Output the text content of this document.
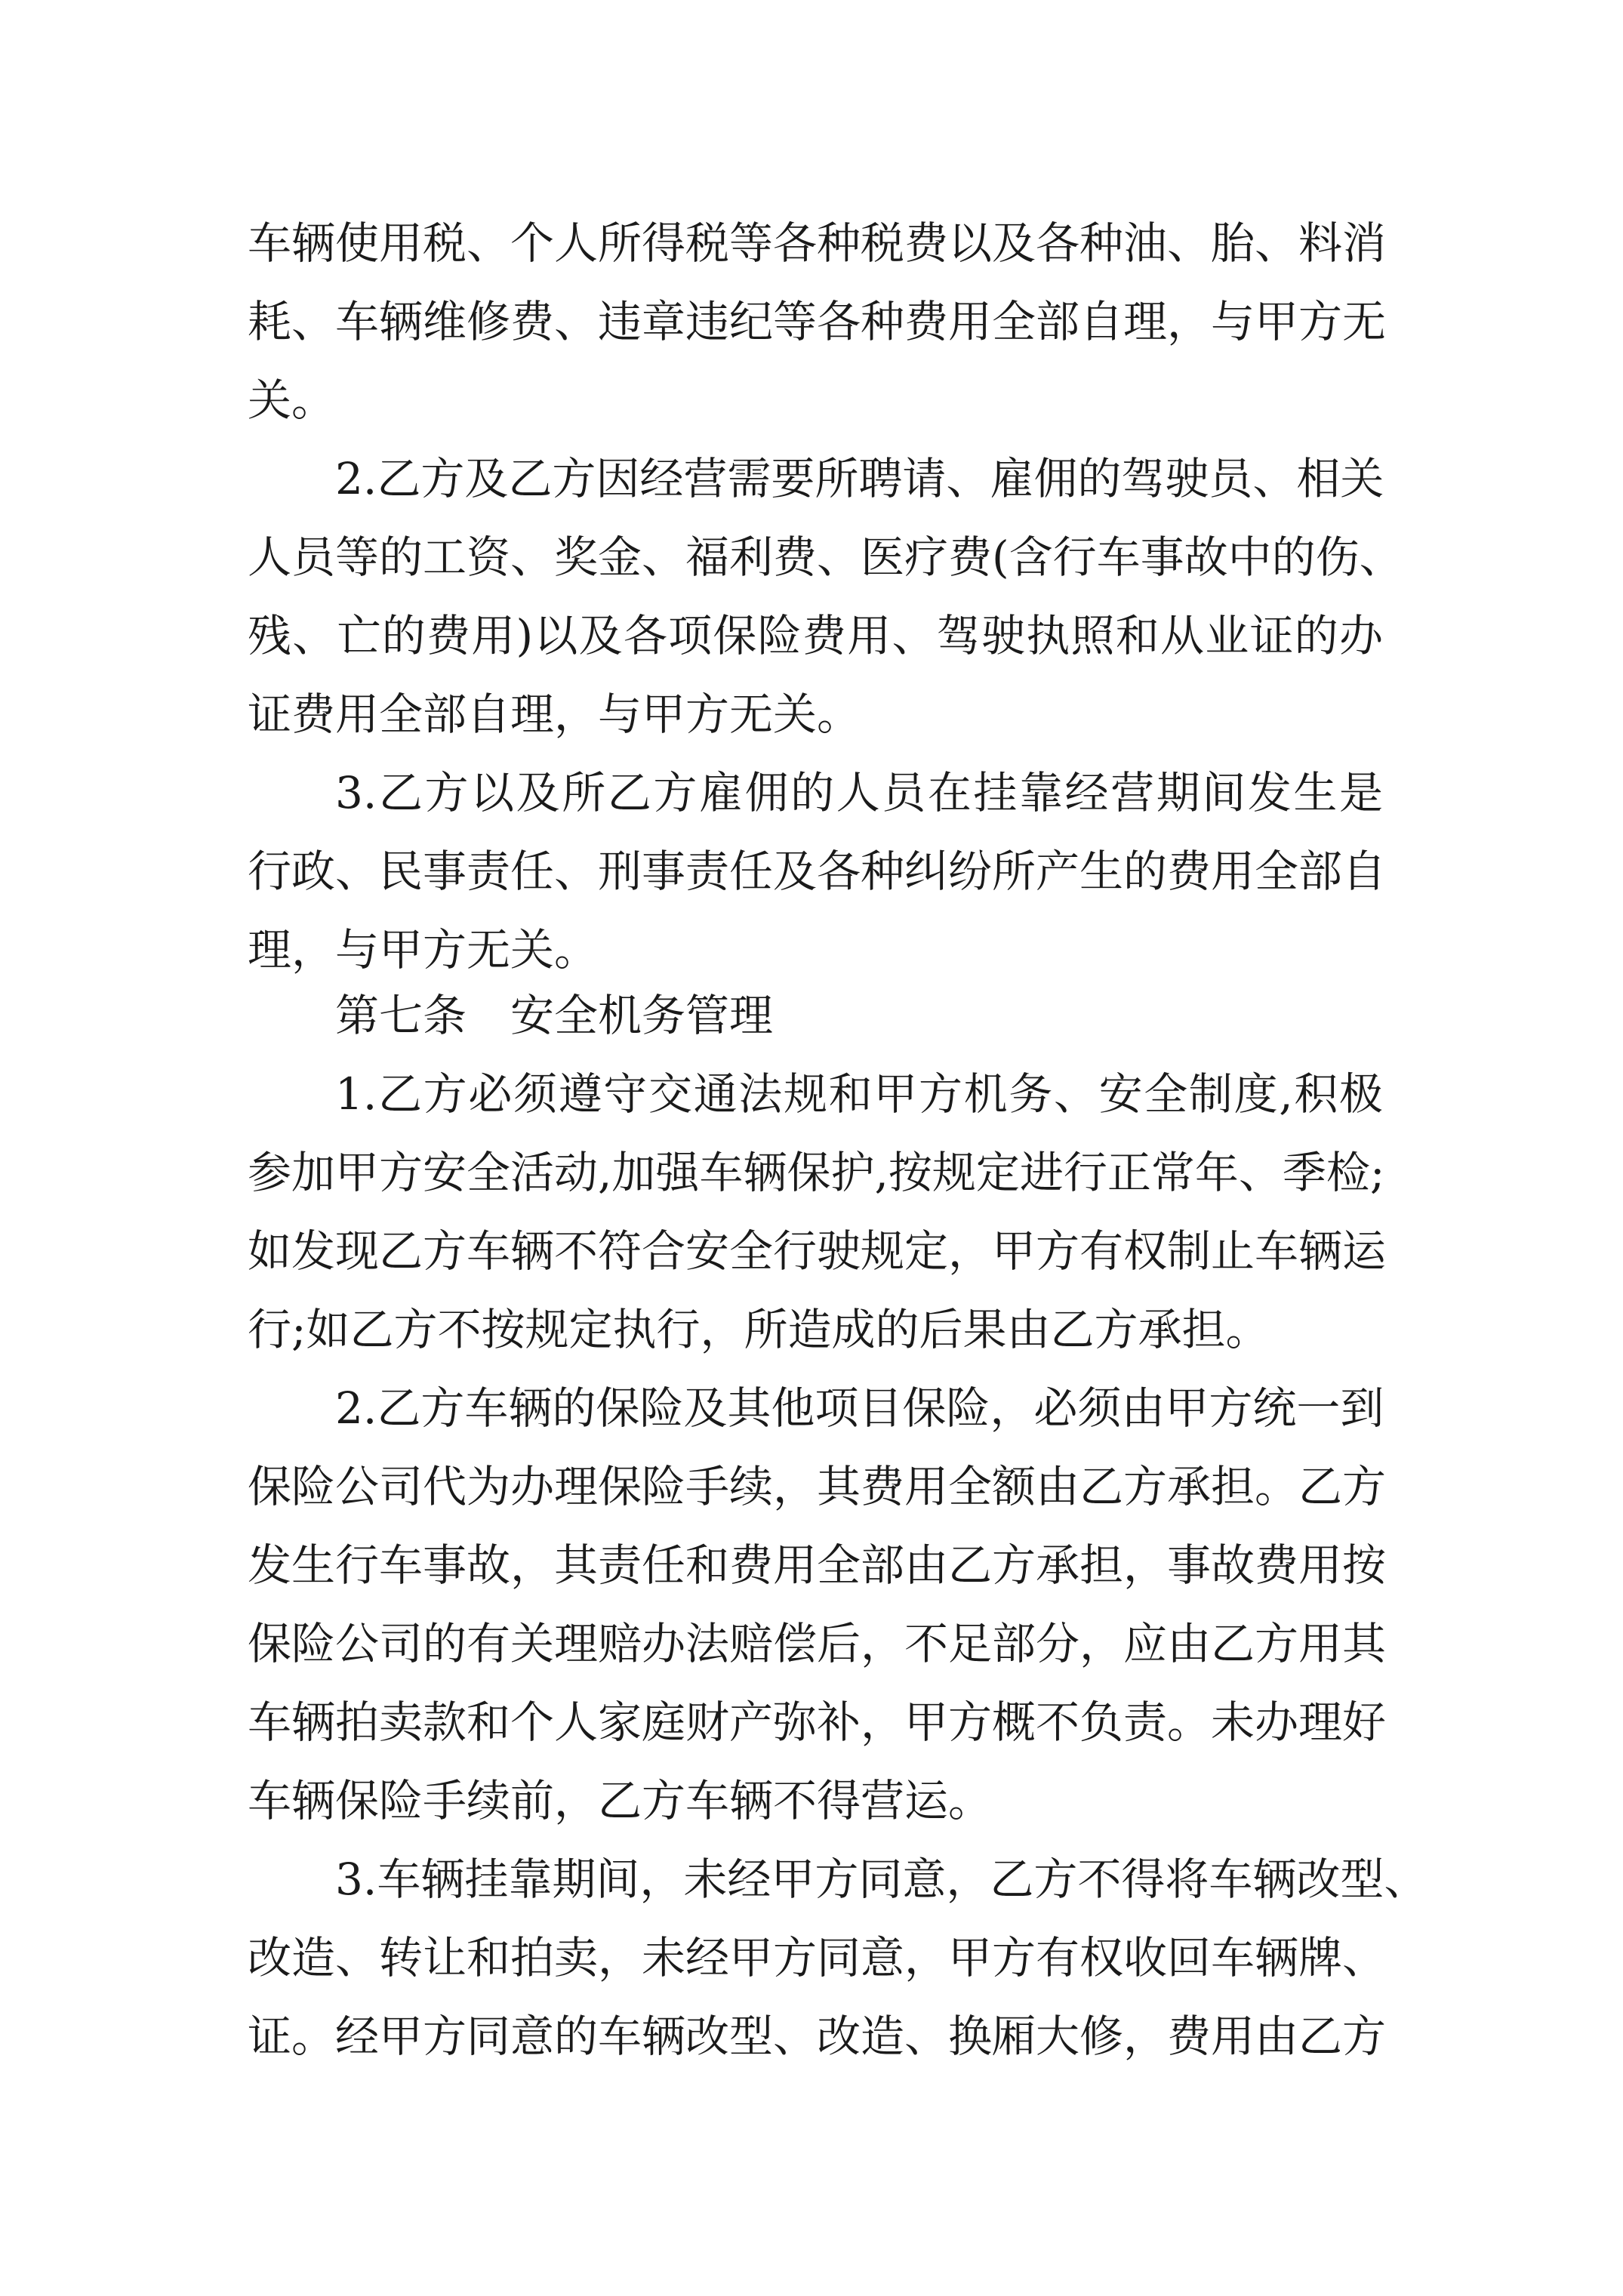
车辆使用税、个人所得税等各种税费以及各种油、胎、料消
耗、车辆维修费、违章违纪等各种费用全部自理，与甲方无
关。
2.乙方及乙方因经营需要所聘请、雇佣的驾驶员、相关
人员等的工资、奖金、福利费、医疗费(含行车事故中的伤、
残、亡的费用)以及各项保险费用、驾驶执照和从业证的办
证费用全部自理，与甲方无关。
3.乙方以及所乙方雇佣的人员在挂靠经营期间发生是
行政、民事责任、刑事责任及各种纠纷所产生的费用全部自
理，与甲方无关。
第七条　安全机务管理
1.乙方必须遵守交通法规和甲方机务、安全制度,积极
参加甲方安全活动,加强车辆保护,按规定进行正常年、季检;
如发现乙方车辆不符合安全行驶规定，甲方有权制止车辆运
行;如乙方不按规定执行，所造成的后果由乙方承担。
2.乙方车辆的保险及其他项目保险，必须由甲方统一到
保险公司代为办理保险手续，其费用全额由乙方承担。乙方
发生行车事故，其责任和费用全部由乙方承担，事故费用按
保险公司的有关理赔办法赔偿后，不足部分，应由乙方用其
车辆拍卖款和个人家庭财产弥补，甲方概不负责。未办理好
车辆保险手续前，乙方车辆不得营运。
3.车辆挂靠期间，未经甲方同意，乙方不得将车辆改型、
改造、转让和拍卖，未经甲方同意，甲方有权收回车辆牌、
证。经甲方同意的车辆改型、改造、换厢大修，费用由乙方
